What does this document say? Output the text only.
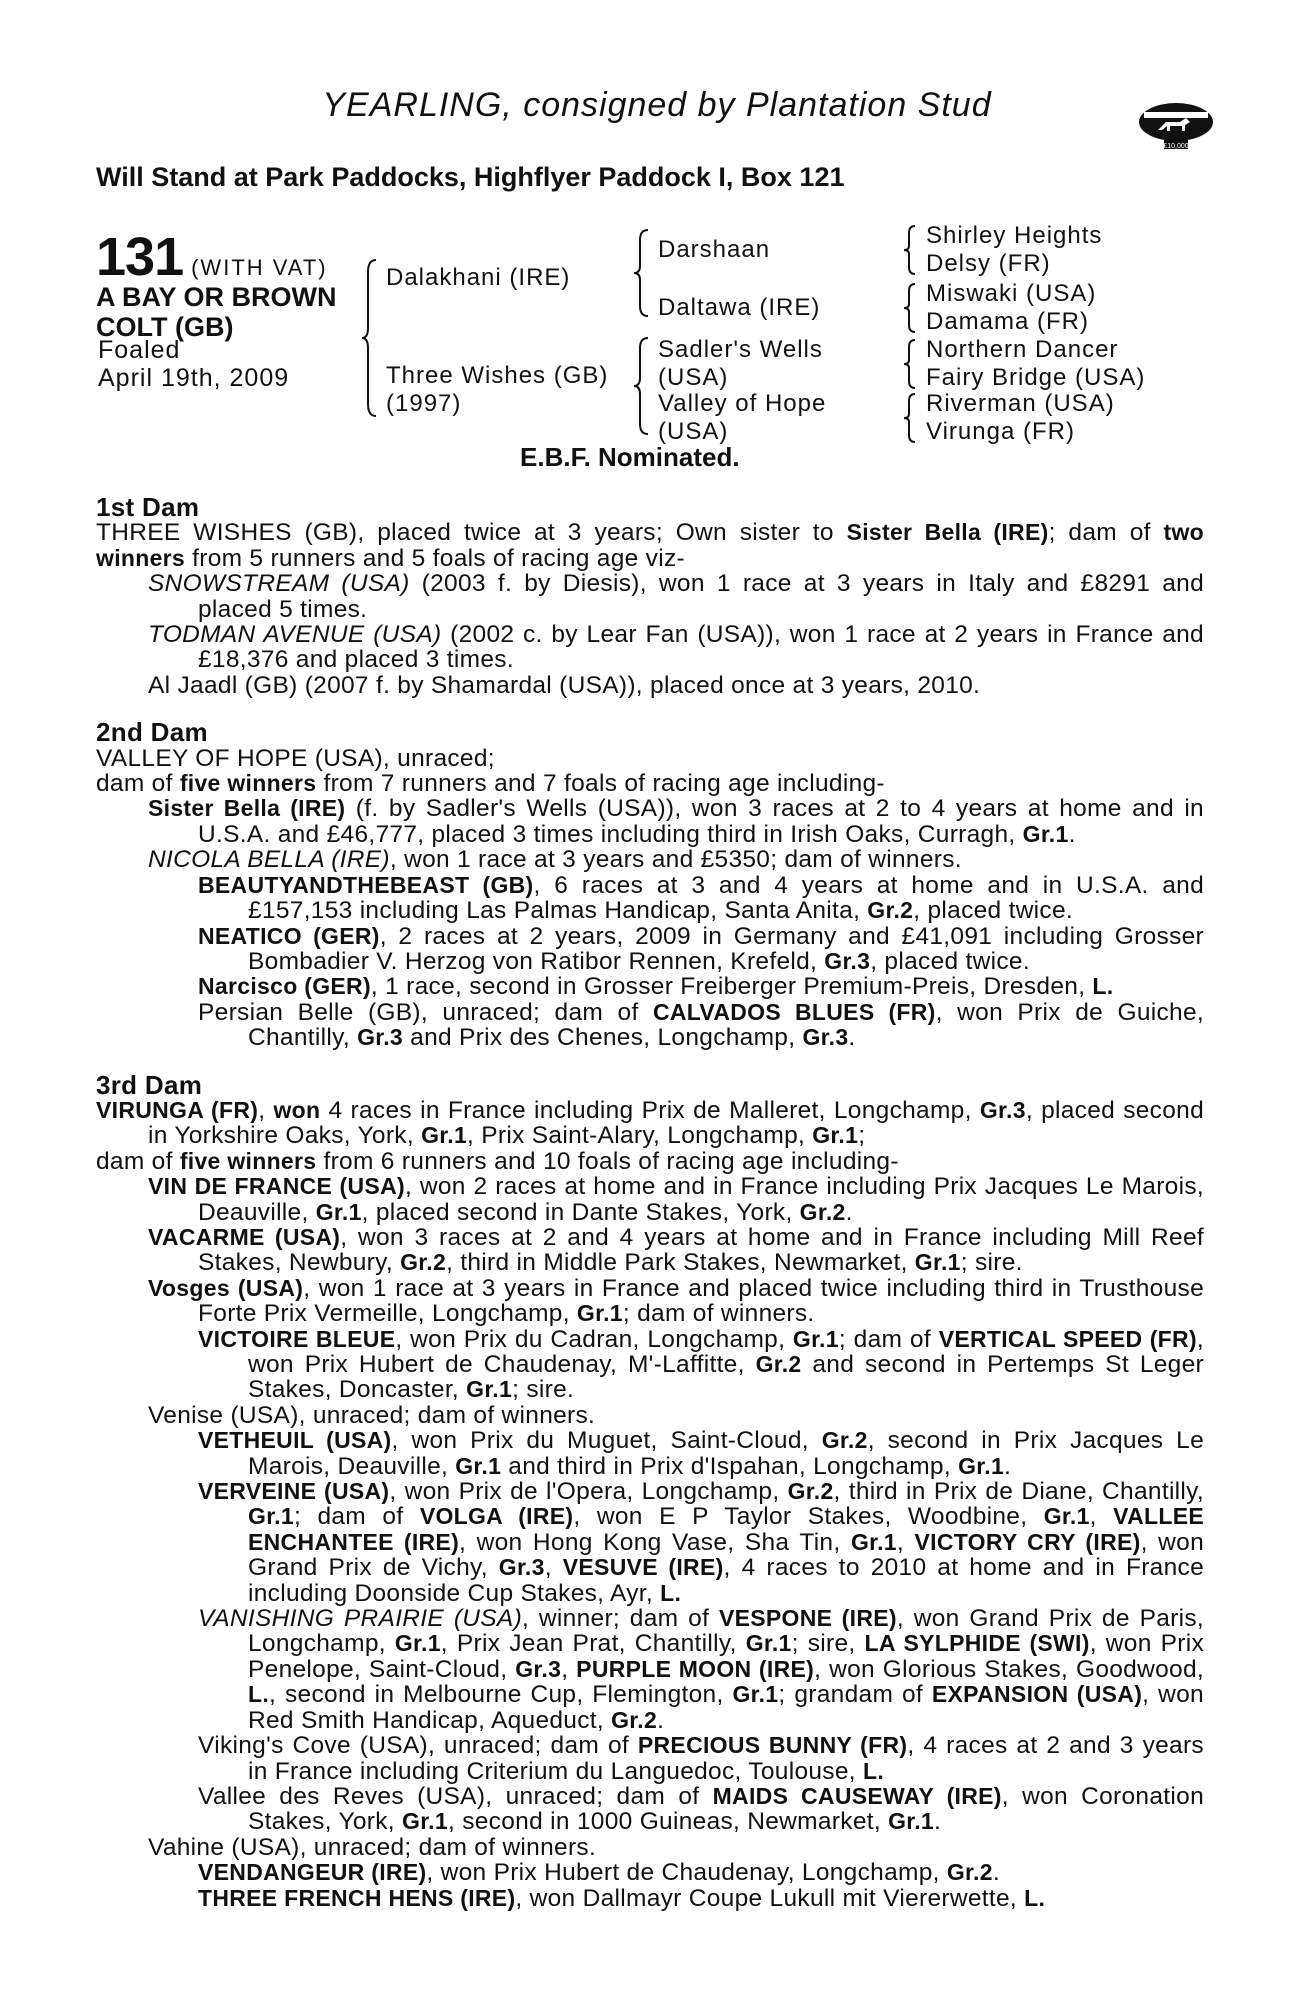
YEARLING, consigned by Plantation Stud
£10,000
Will Stand at Park Paddocks, Highflyer Paddock I, Box 121
131 (WITH VAT)
A BAY OR BROWN
COLT (GB)
Foaled
April 19th, 2009
Dalakhani (IRE)
Three Wishes (GB)
(1997)
Darshaan
Daltawa (IRE)
Sadler's Wells
(USA)
Valley of Hope
(USA)
Shirley Heights
Delsy (FR)
Miswaki (USA)
Damama (FR)
Northern Dancer
Fairy Bridge (USA)
Riverman (USA)
Virunga (FR)
E.B.F. Nominated.

1st Dam

THREE WISHES (GB), placed twice at 3 years; Own sister to Sister Bella (IRE); dam of two winners from 5 runners and 5 foals of racing age viz-

SNOWSTREAM (USA) (2003 f. by Diesis), won 1 race at 3 years in Italy and £8291 and placed 5 times.

TODMAN AVENUE (USA) (2002 c. by Lear Fan (USA)), won 1 race at 2 years in France and £18,376 and placed 3 times.

Al Jaadl (GB) (2007 f. by Shamardal (USA)), placed once at 3 years, 2010.

2nd Dam

VALLEY OF HOPE (USA), unraced;
dam of five winners from 7 runners and 7 foals of racing age including-

Sister Bella (IRE) (f. by Sadler's Wells (USA)), won 3 races at 2 to 4 years at home and in U.S.A. and £46,777, placed 3 times including third in Irish Oaks, Curragh, Gr.1.

NICOLA BELLA (IRE), won 1 race at 3 years and £5350; dam of winners.

BEAUTYANDTHEBEAST (GB), 6 races at 3 and 4 years at home and in U.S.A. and £157,153 including Las Palmas Handicap, Santa Anita, Gr.2, placed twice.

NEATICO (GER), 2 races at 2 years, 2009 in Germany and £41,091 including Grosser Bombadier V. Herzog von Ratibor Rennen, Krefeld, Gr.3, placed twice.

Narcisco (GER), 1 race, second in Grosser Freiberger Premium-Preis, Dresden, L.

Persian Belle (GB), unraced; dam of CALVADOS BLUES (FR), won Prix de Guiche, Chantilly, Gr.3 and Prix des Chenes, Longchamp, Gr.3.

3rd Dam

VIRUNGA (FR), won 4 races in France including Prix de Malleret, Longchamp, Gr.3, placed second in Yorkshire Oaks, York, Gr.1, Prix Saint-Alary, Longchamp, Gr.1;

dam of five winners from 6 runners and 10 foals of racing age including-

VIN DE FRANCE (USA), won 2 races at home and in France including Prix Jacques Le Marois, Deauville, Gr.1, placed second in Dante Stakes, York, Gr.2.

VACARME (USA), won 3 races at 2 and 4 years at home and in France including Mill Reef Stakes, Newbury, Gr.2, third in Middle Park Stakes, Newmarket, Gr.1; sire.

Vosges (USA), won 1 race at 3 years in France and placed twice including third in Trusthouse Forte Prix Vermeille, Longchamp, Gr.1; dam of winners.

VICTOIRE BLEUE, won Prix du Cadran, Longchamp, Gr.1; dam of VERTICAL SPEED (FR), won Prix Hubert de Chaudenay, M'-Laffitte, Gr.2 and second in Pertemps St Leger Stakes, Doncaster, Gr.1; sire.

Venise (USA), unraced; dam of winners.

VETHEUIL (USA), won Prix du Muguet, Saint-Cloud, Gr.2, second in Prix Jacques Le Marois, Deauville, Gr.1 and third in Prix d'Ispahan, Longchamp, Gr.1.

VERVEINE (USA), won Prix de l'Opera, Longchamp, Gr.2, third in Prix de Diane, Chantilly, Gr.1; dam of VOLGA (IRE), won E P Taylor Stakes, Woodbine, Gr.1, VALLEE ENCHANTEE (IRE), won Hong Kong Vase, Sha Tin, Gr.1, VICTORY CRY (IRE), won Grand Prix de Vichy, Gr.3, VESUVE (IRE), 4 races to 2010 at home and in France including Doonside Cup Stakes, Ayr, L.

VANISHING PRAIRIE (USA), winner; dam of VESPONE (IRE), won Grand Prix de Paris, Longchamp, Gr.1, Prix Jean Prat, Chantilly, Gr.1; sire, LA SYLPHIDE (SWI), won Prix Penelope, Saint-Cloud, Gr.3, PURPLE MOON (IRE), won Glorious Stakes, Goodwood, L., second in Melbourne Cup, Flemington, Gr.1; grandam of EXPANSION (USA), won Red Smith Handicap, Aqueduct, Gr.2.

Viking's Cove (USA), unraced; dam of PRECIOUS BUNNY (FR), 4 races at 2 and 3 years in France including Criterium du Languedoc, Toulouse, L.

Vallee des Reves (USA), unraced; dam of MAIDS CAUSEWAY (IRE), won Coronation Stakes, York, Gr.1, second in 1000 Guineas, Newmarket, Gr.1.

Vahine (USA), unraced; dam of winners.

VENDANGEUR (IRE), won Prix Hubert de Chaudenay, Longchamp, Gr.2.

THREE FRENCH HENS (IRE), won Dallmayr Coupe Lukull mit Viererwette, L.
